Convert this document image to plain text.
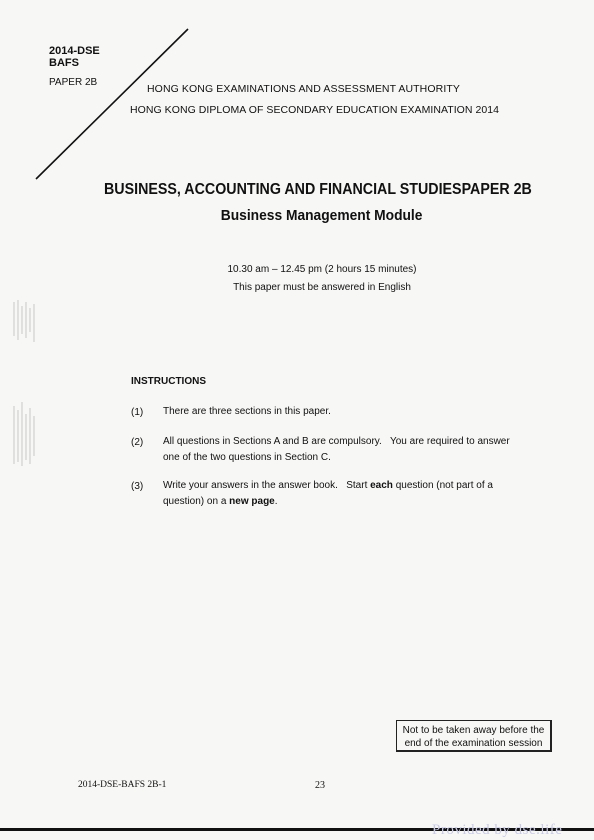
2014-DSE
BAFS
PAPER 2B
HONG KONG EXAMINATIONS AND ASSESSMENT AUTHORITY
HONG KONG DIPLOMA OF SECONDARY EDUCATION EXAMINATION 2014
BUSINESS, ACCOUNTING AND FINANCIAL STUDIES PAPER 2B
Business Management Module
10.30 am – 12.45 pm (2 hours 15 minutes)
This paper must be answered in English
INSTRUCTIONS
(1) There are three sections in this paper.
(2) All questions in Sections A and B are compulsory.   You are required to answer
one of the two questions in Section C.
(3) Write your answers in the answer book.   Start each question (not part of a
question) on a new page.
Not to be taken away before the
end of the examination session
2014-DSE-BAFS 2B-1	23
Provided by dse.life
